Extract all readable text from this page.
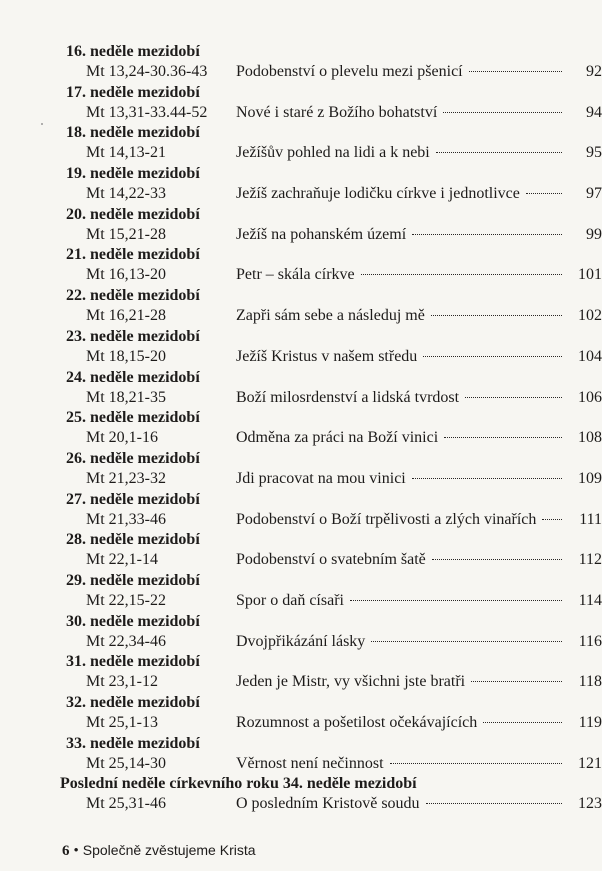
16. neděle mezidobí
Mt 13,24-30.36-43	Podobenství o plevelu mezi pšenicí	92
17. neděle mezidobí
Mt 13,31-33.44-52	Nové i staré z Božího bohatství	94
18. neděle mezidobí
Mt 14,13-21	Ježíšův pohled na lidi a k nebi	95
19. neděle mezidobí
Mt 14,22-33	Ježíš zachraňuje lodičku církve i jednotlivce	97
20. neděle mezidobí
Mt 15,21-28	Ježíš na pohanském území	99
21. neděle mezidobí
Mt 16,13-20	Petr – skála církve	101
22. neděle mezidobí
Mt 16,21-28	Zapři sám sebe a následuj mě	102
23. neděle mezidobí
Mt 18,15-20	Ježíš Kristus v našem středu	104
24. neděle mezidobí
Mt 18,21-35	Boží milosrdenství a lidská tvrdost	106
25. neděle mezidobí
Mt 20,1-16	Odměna za práci na Boží vinici	108
26. neděle mezidobí
Mt 21,23-32	Jdi pracovat na mou vinici	109
27. neděle mezidobí
Mt 21,33-46	Podobenství o Boží trpělivosti a zlých vinařích	111
28. neděle mezidobí
Mt 22,1-14	Podobenství o svatebním šatě	112
29. neděle mezidobí
Mt 22,15-22	Spor o daň císaři	114
30. neděle mezidobí
Mt 22,34-46	Dvojpřikázání lásky	116
31. neděle mezidobí
Mt 23,1-12	Jeden je Mistr, vy všichni jste bratři	118
32. neděle mezidobí
Mt 25,1-13	Rozumnost a pošetilost očekávajících	119
33. neděle mezidobí
Mt 25,14-30	Věrnost není nečinnost	121
Poslední neděle církevního roku 34. neděle mezidobí
Mt 25,31-46	O posledním Kristově soudu	123
6 • Společně zvěstujeme Krista
